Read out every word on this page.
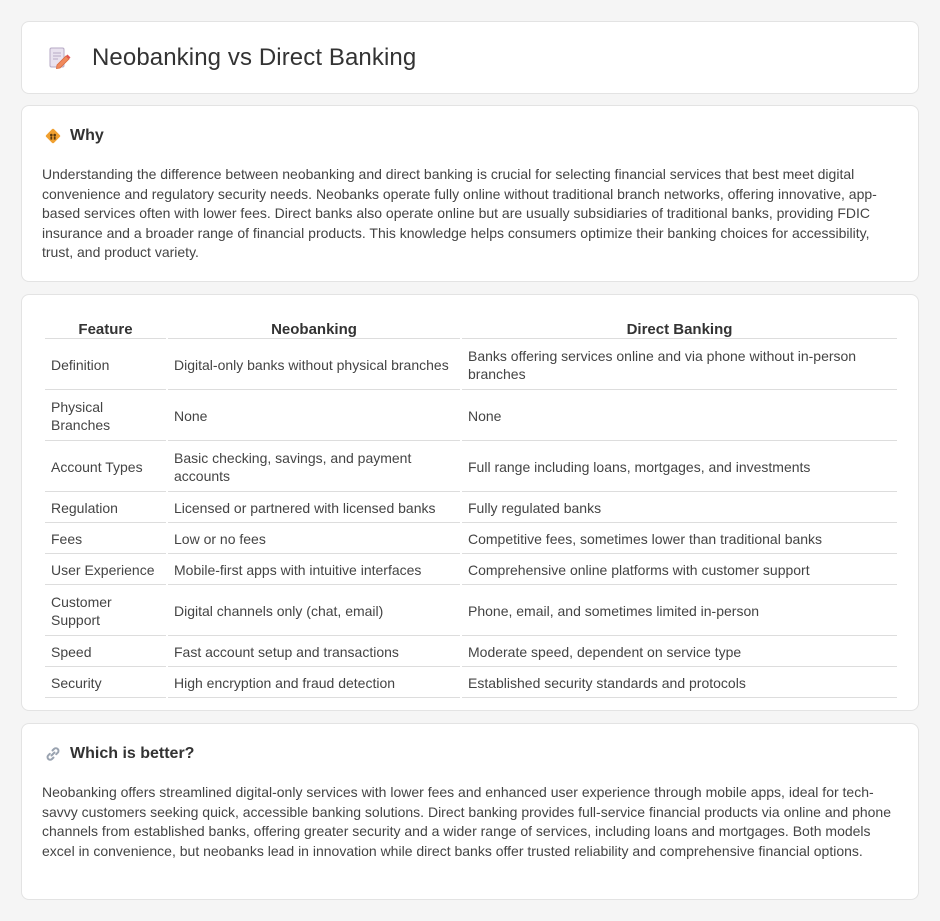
Neobanking vs Direct Banking
Why

Understanding the difference between neobanking and direct banking is crucial for selecting financial services that best meet digital convenience and regulatory security needs. Neobanks operate fully online without traditional branch networks, offering innovative, app-based services often with lower fees. Direct banks also operate online but are usually subsidiaries of traditional banks, providing FDIC insurance and a broader range of financial products. This knowledge helps consumers optimize their banking choices for accessibility, trust, and product variety.

Feature	Neobanking	Direct Banking
Definition	Digital-only banks without physical branches	Banks offering services online and via phone without in-person branches
Physical Branches	None	None
Account Types	Basic checking, savings, and payment accounts	Full range including loans, mortgages, and investments
Regulation	Licensed or partnered with licensed banks	Fully regulated banks
Fees	Low or no fees	Competitive fees, sometimes lower than traditional banks
User Experience	Mobile-first apps with intuitive interfaces	Comprehensive online platforms with customer support
Customer Support	Digital channels only (chat, email)	Phone, email, and sometimes limited in-person
Speed	Fast account setup and transactions	Moderate speed, dependent on service type
Security	High encryption and fraud detection	Established security standards and protocols
Which is better?

Neobanking offers streamlined digital-only services with lower fees and enhanced user experience through mobile apps, ideal for tech-savvy customers seeking quick, accessible banking solutions. Direct banking provides full-service financial products via online and phone channels from established banks, offering greater security and a wider range of services, including loans and mortgages. Both models excel in convenience, but neobanks lead in innovation while direct banks offer trusted reliability and comprehensive financial options.
